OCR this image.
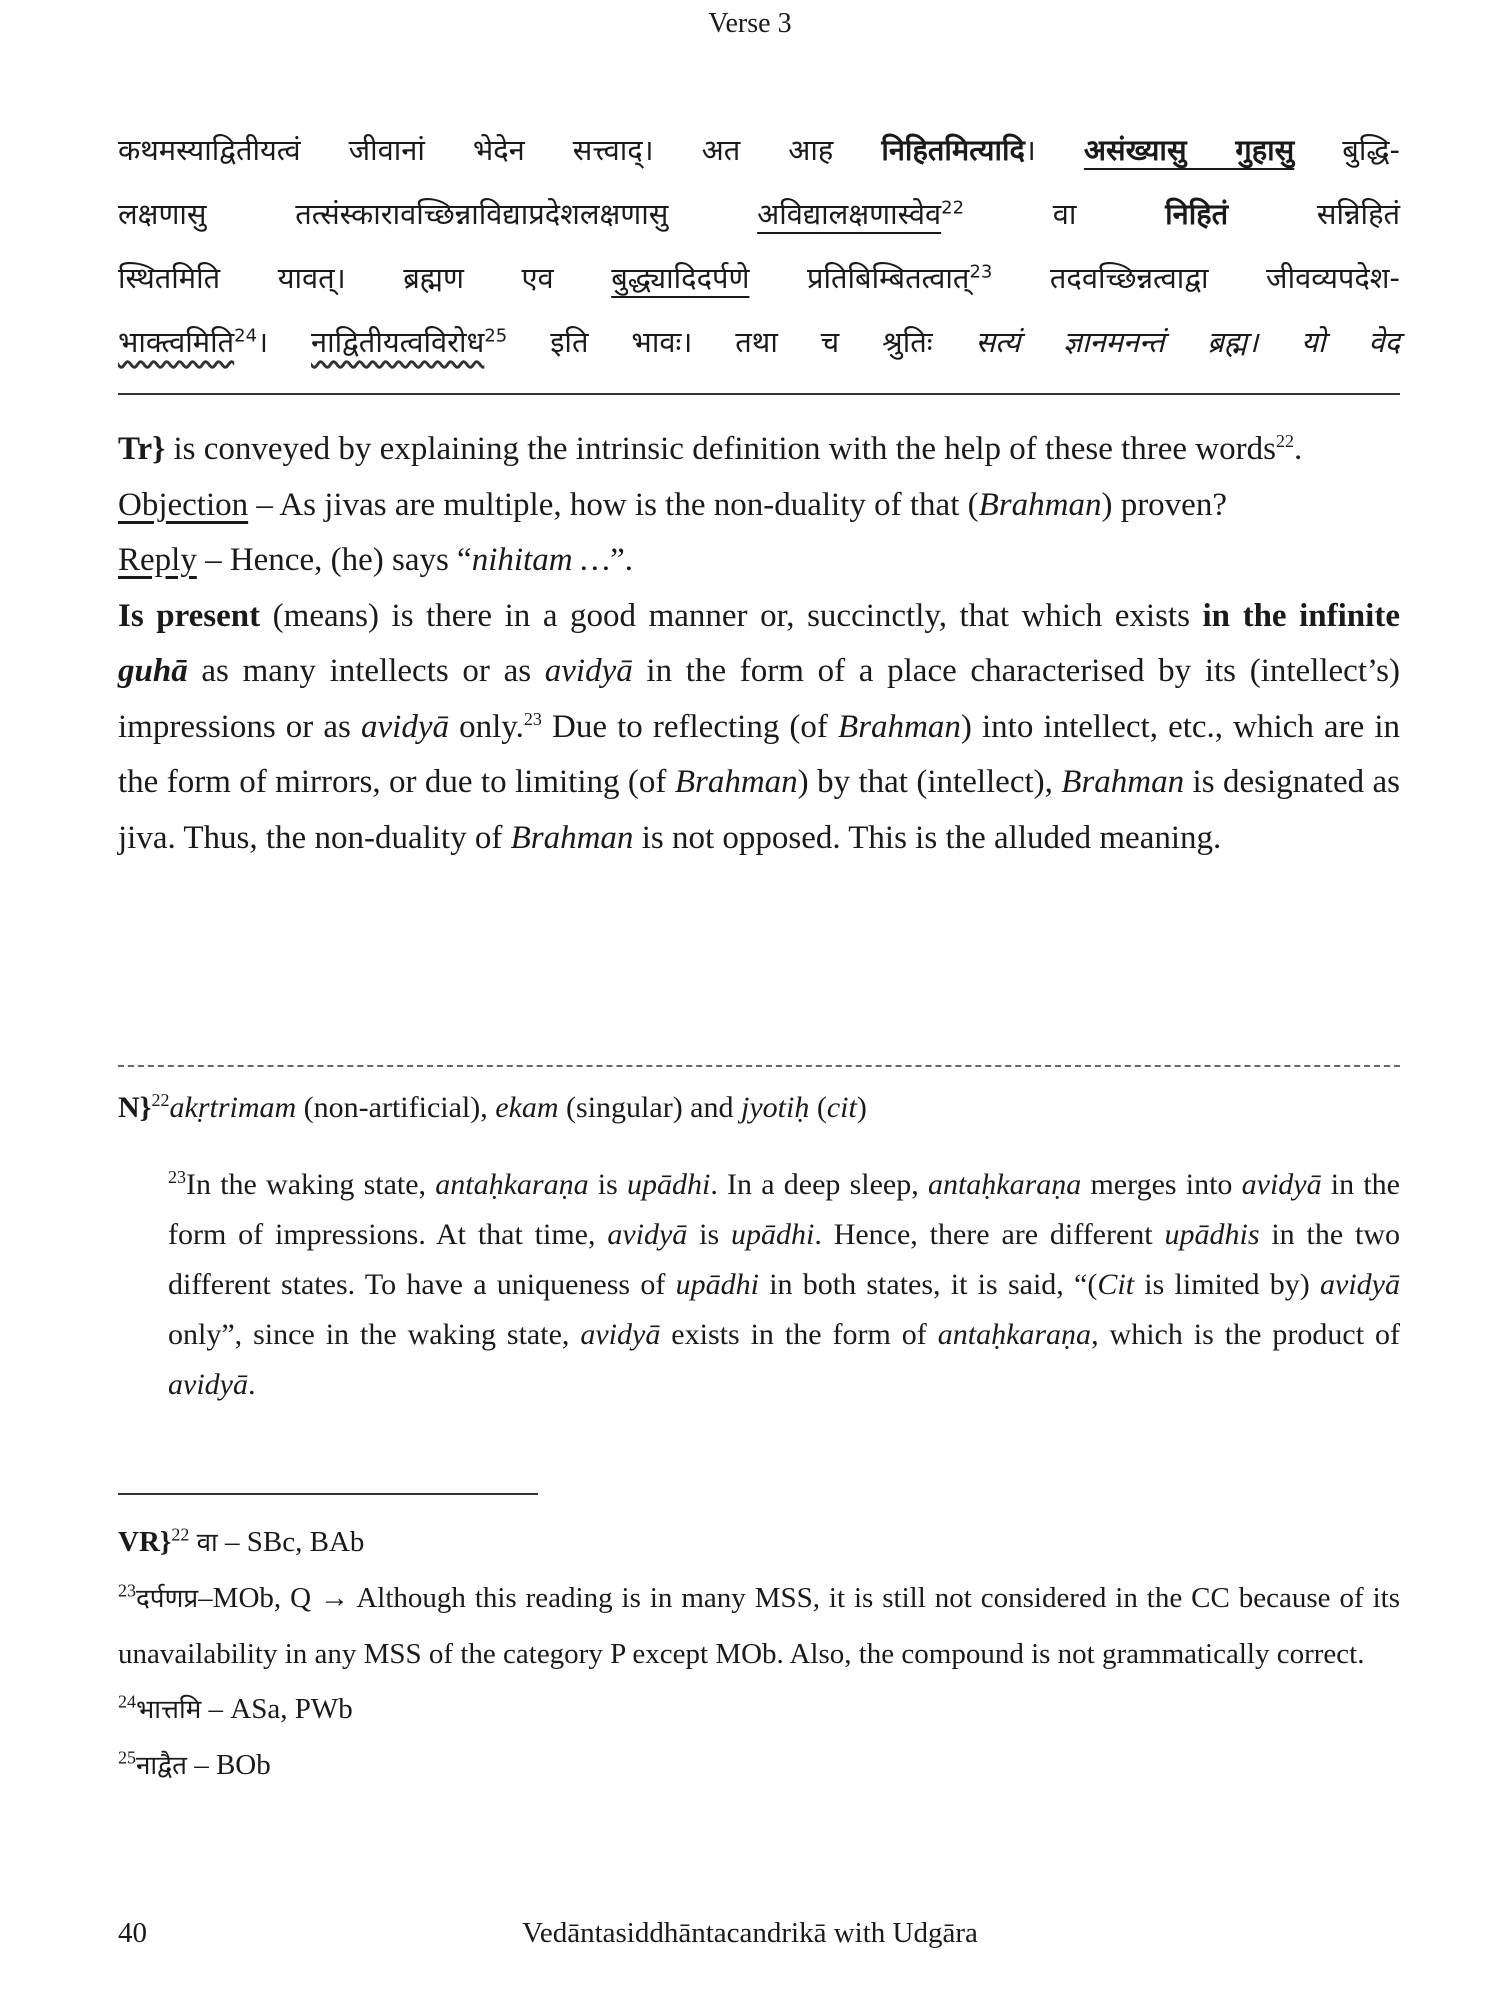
Verse 3
कथमस्याद्वितीयत्वं जीवानां भेदेन सत्त्वाद्। अत आह निहितमित्यादि। असंख्यासु गुहासु बुद्धि-
लक्षणासु तत्संस्कारावच्छिन्नाविद्याप्रदेशलक्षणासु अविद्यालक्षणास्वेव$^{22}$ वा निहितं सन्निहितं
स्थितमिति यावत्। ब्रह्मण एव बुद्ध्यादिदर्पणे प्रतिबिम्बितत्वात्$^{23}$ तदवच्छिन्नत्वाद्वा जीवव्यपदेश-
भाक्त्वमिति$^{24}$। नाद्वितीयत्वविरोध$^{25}$ इति भावः। तथा च श्रुतिः सत्यं ज्ञानमनन्तं ब्रह्म। यो वेद

Tr} is conveyed by explaining the intrinsic definition with the help of these three words$^{22}$.

Objection – As jivas are multiple, how is the non-duality of that (Brahman) proven?

Reply – Hence, (he) says “nihitam …”.

Is present (means) is there in a good manner or, succinctly, that which exists in the infinite guhā as many intellects or as avidyā in the form of a place characterised by its (intellect’s) impressions or as avidyā only.$^{23}$ Due to reflecting (of Brahman) into intellect, etc., which are in the form of mirrors, or due to limiting (of Brahman) by that (intellect), Brahman is designated as jiva. Thus, the non-duality of Brahman is not opposed. This is the alluded meaning.

N}$^{22}$akṛtrimam (non-artificial), ekam (singular) and jyotiḥ (cit)
$^{23}$In the waking state, antaḥkaraṇa is upādhi. In a deep sleep, antaḥkaraṇa merges into avidyā in the form of impressions. At that time, avidyā is upādhi. Hence, there are different upādhis in the two different states. To have a uniqueness of upādhi in both states, it is said, “(Cit is limited by) avidyā only”, since in the waking state, avidyā exists in the form of antaḥkaraṇa, which is the product of avidyā.
VR}$^{22}$ वा – SBc, BAb
$^{23}$दर्पणप्र–MOb, Q → Although this reading is in many MSS, it is still not considered in the CC because of its unavailability in any MSS of the category P except MOb. Also, the compound is not grammatically correct.
$^{24}$भात्तमि – ASa, PWb
$^{25}$नाद्वैत – BOb
40	Vedāntasiddhāntacandrikā with Udgāra
